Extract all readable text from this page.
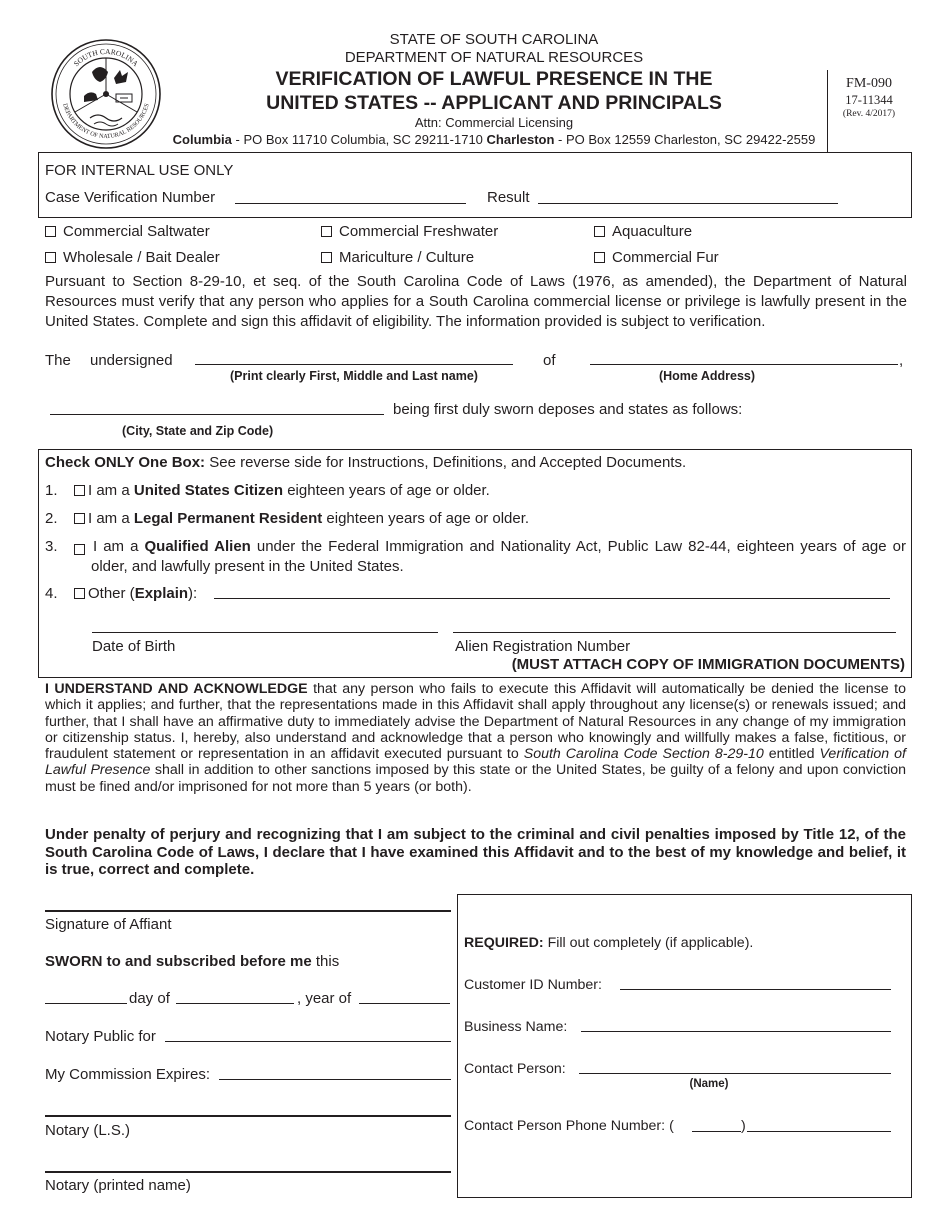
SOUTH CAROLINA
DEPARTMENT OF NATURAL RESOURCES
STATE OF SOUTH CAROLINA
DEPARTMENT OF NATURAL RESOURCES
VERIFICATION OF LAWFUL PRESENCE IN THE
UNITED STATES -- APPLICANT AND PRINCIPALS
Attn: Commercial Licensing
Columbia - PO Box 11710 Columbia, SC 29211-1710 Charleston - PO Box 12559 Charleston, SC 29422-2559
FM-090
17-11344
(Rev. 4/2017)
FOR INTERNAL USE ONLY
Case Verification Number	Result
Commercial Saltwater	Commercial Freshwater	Aquaculture
Wholesale / Bait Dealer	Mariculture / Culture	Commercial Fur
Pursuant to Section 8-29-10, et seq. of the South Carolina Code of Laws (1976, as amended), the Department of Natural Resources must verify that any person who applies for a South Carolina commercial license or privilege is lawfully present in the United States. Complete and sign this affidavit of eligibility. The information provided is subject to verification.
The undersigned
(Print clearly First, Middle and Last name)
of	,
(Home Address)
being first duly sworn deposes and states as follows:
(City, State and Zip Code)
Check ONLY One Box: See reverse side for Instructions, Definitions, and Accepted Documents.
1.	I am a United States Citizen eighteen years of age or older.
2.	I am a Legal Permanent Resident eighteen years of age or older.
3. I am a Qualified Alien under the Federal Immigration and Nationality Act, Public Law 82-44, eighteen years of age or older, and lawfully present in the United States.
4.	Other (Explain):
Date of Birth	Alien Registration Number
(MUST ATTACH COPY OF IMMIGRATION DOCUMENTS)
I UNDERSTAND AND ACKNOWLEDGE that any person who fails to execute this Affidavit will automatically be denied the license to which it applies; and further, that the representations made in this Affidavit shall apply throughout any license(s) or renewals issued; and further, that I shall have an affirmative duty to immediately advise the Department of Natural Resources in any change of my immigration or citizenship status. I, hereby, also understand and acknowledge that a person who knowingly and willfully makes a false, fictitious, or fraudulent statement or representation in an affidavit executed pursuant to South Carolina Code Section 8-29-10 entitled Verification of Lawful Presence shall in addition to other sanctions imposed by this state or the United States, be guilty of a felony and upon conviction must be fined and/or imprisoned for not more than 5 years (or both).
Under penalty of perjury and recognizing that I am subject to the criminal and civil penalties imposed by Title 12, of the South Carolina Code of Laws, I declare that I have examined this Affidavit and to the best of my knowledge and belief, it is true, correct and complete.
Signature of Affiant
SWORN to and subscribed before me this
day of	, year of
Notary Public for
My Commission Expires:
Notary (L.S.)
Notary (printed name)
REQUIRED: Fill out completely (if applicable).
Customer ID Number:
Business Name:
Contact Person:
(Name)
Contact Person Phone Number: (	)
